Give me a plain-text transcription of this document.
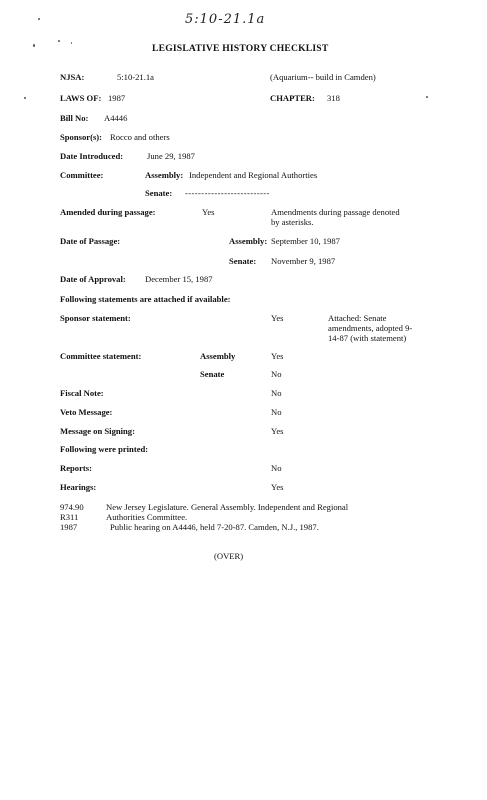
5:10-21.1a
LEGISLATIVE HISTORY CHECKLIST
NJSA:	5:10-21.1a	(Aquarium-- build in Camden)
LAWS OF: 1987	CHAPTER: 318
Bill No: A4446
Sponsor(s): Rocco and others
Date Introduced:	June 29, 1987
Committee:	Assembly: Independent and Regional Authorties
Senate: --------------------------
Amended during passage:	Yes	Amendments during passage denoted
by asterisks.
Date of Passage:	Assembly: September 10, 1987
Senate: November 9, 1987
Date of Approval: December 15, 1987
Following statements are attached if available:
Sponsor statement:	Yes	Attached: Senate
amendments, adopted 9-
14-87 (with statement)
Committee statement:	Assembly	Yes
Senate	No
Fiscal Note:	No
Veto Message:	No
Message on Signing:	Yes
Following were printed:
Reports:	No
Hearings:	Yes
974.90	New Jersey Legislature. General Assembly. Independent and Regional
R311	Authorities Committee.
1987	Public hearing on A4446, held 7-20-87. Camden, N.J., 1987.
(OVER)
